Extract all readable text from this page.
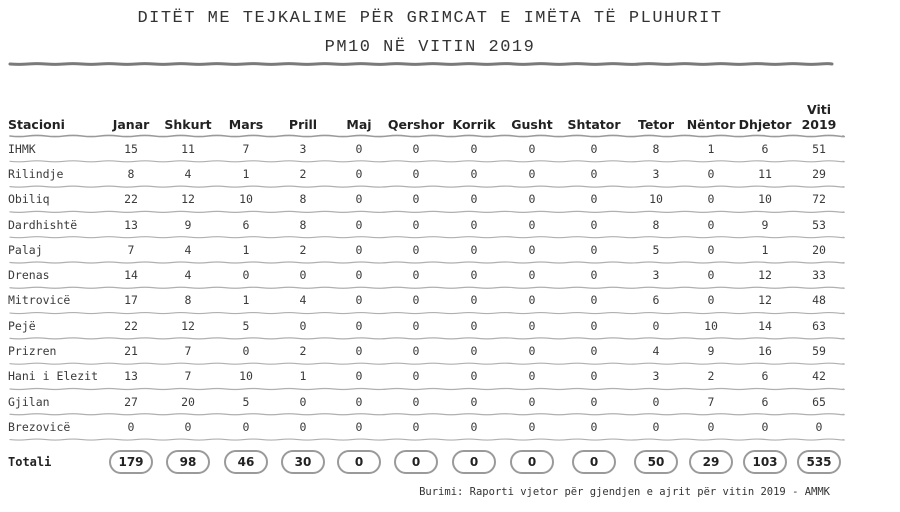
DITËT ME TEJKALIME PËR GRIMCAT E IMËTA TË PLUHURIT
PM10 NË VITIN 2019
Stacioni	Janar	Shkurt	Mars	Prill	Maj	Qershor	Korrik	Gusht	Shtator	Tetor	Nëntor	Dhjetor	Viti
2019
IHMK	15	11	7	3	0	0	0	0	0	8	1	6	51
Rilindje	8	4	1	2	0	0	0	0	0	3	0	11	29
Obiliq	22	12	10	8	0	0	0	0	0	10	0	10	72
Dardhishtë	13	9	6	8	0	0	0	0	0	8	0	9	53
Palaj	7	4	1	2	0	0	0	0	0	5	0	1	20
Drenas	14	4	0	0	0	0	0	0	0	3	0	12	33
Mitrovicë	17	8	1	4	0	0	0	0	0	6	0	12	48
Pejë	22	12	5	0	0	0	0	0	0	0	10	14	63
Prizren	21	7	0	2	0	0	0	0	0	4	9	16	59
Hani i Elezit	13	7	10	1	0	0	0	0	0	3	2	6	42
Gjilan	27	20	5	0	0	0	0	0	0	0	7	6	65
Brezovicë	0	0	0	0	0	0	0	0	0	0	0	0	0
Totali	179	98	46	30	0	0	0	0	0	50	29	103	535
Burimi: Raporti vjetor për gjendjen e ajrit për vitin 2019 - AMMK
